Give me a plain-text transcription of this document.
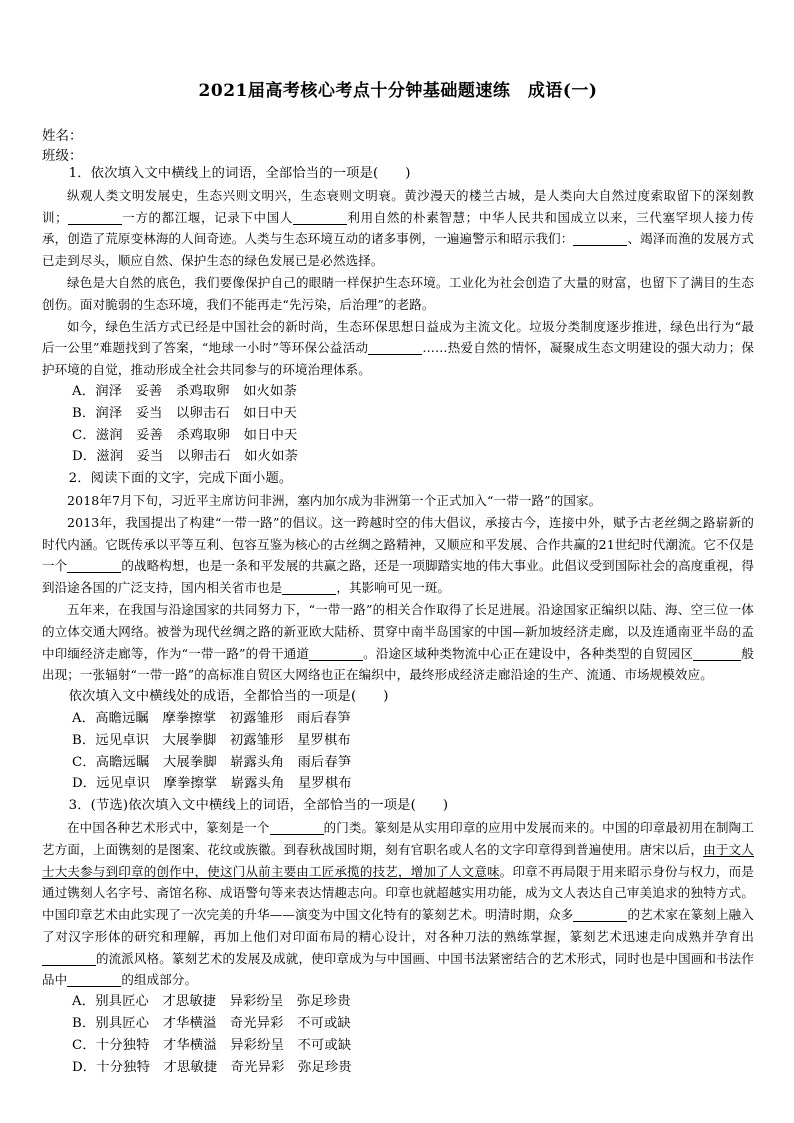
2021届高考核心考点十分钟基础题速练　成语(一)
姓名：
班级：

1．依次填入文中横线上的词语，全部恰当的一项是(　　)

纵观人类文明发展史，生态兴则文明兴，生态衰则文明衰。黄沙漫天的楼兰古城，是人类向大自然过度索取留下的深刻教训；	一方的都江堰，记录下中国人	利用自然的朴素智慧；中华人民共和国成立以来，三代塞罕坝人接力传承，创造了荒原变林海的人间奇迹。人类与生态环境互动的诸多事例，一遍遍警示和昭示我们：	、竭泽而渔的发展方式已走到尽头，顺应自然、保护生态的绿色发展已是必然选择。

绿色是大自然的底色，我们要像保护自己的眼睛一样保护生态环境。工业化为社会创造了大量的财富，也留下了满目的生态创伤。面对脆弱的生态环境，我们不能再走“先污染，后治理”的老路。

如今，绿色生活方式已经是中国社会的新时尚，生态环保思想日益成为主流文化。垃圾分类制度逐步推进，绿色出行为“最后一公里”难题找到了答案，“地球一小时”等环保公益活动	……热爱自然的情怀，凝聚成生态文明建设的强大动力；保护环境的自觉，推动形成全社会共同参与的环境治理体系。

A．润泽　妥善　杀鸡取卵　如火如荼

B．润泽　妥当　以卵击石　如日中天

C．滋润　妥善　杀鸡取卵　如日中天

D．滋润　妥当　以卵击石　如火如荼

2．阅读下面的文字，完成下面小题。

2018年7月下旬，习近平主席访问非洲，塞内加尔成为非洲第一个正式加入“一带一路”的国家。

2013年，我国提出了构建“一带一路”的倡议。这一跨越时空的伟大倡议，承接古今，连接中外，赋予古老丝绸之路崭新的时代内涵。它既传承以平等互利、包容互鉴为核心的古丝绸之路精神，又顺应和平发展、合作共赢的21世纪时代潮流。它不仅是一个	的战略构想，也是一条和平发展的共赢之路，还是一项脚踏实地的伟大事业。此倡议受到国际社会的高度重视，得到沿途各国的广泛支持，国内相关省市也是	，其影响可见一斑。

五年来，在我国与沿途国家的共同努力下，“一带一路”的相关合作取得了长足进展。沿途国家正编织以陆、海、空三位一体的立体交通大网络。被誉为现代丝绸之路的新亚欧大陆桥、贯穿中南半岛国家的中国—新加坡经济走廊，以及连通南亚半岛的孟中印缅经济走廊等，作为“一带一路”的骨干通道	。沿途区域种类物流中心正在建设中，各种类型的自贸园区	般出现；一张辐射“一带一路”的高标准自贸区大网络也正在编织中，最终形成经济走廊沿途的生产、流通、市场规模效应。

依次填入文中横线处的成语，全都恰当的一项是(　　)

A．高瞻远瞩　摩拳擦掌　初露雏形　雨后春笋

B．远见卓识　大展拳脚　初露雏形　星罗棋布

C．高瞻远瞩　大展拳脚　崭露头角　雨后春笋

D．远见卓识　摩拳擦掌　崭露头角　星罗棋布

3．(节选)依次填入文中横线上的词语，全部恰当的一项是(　　)

在中国各种艺术形式中，篆刻是一个	的门类。篆刻是从实用印章的应用中发展而来的。中国的印章最初用在制陶工艺方面，上面镌刻的是图案、花纹或族徽。到春秋战国时期，刻有官职名或人名的文字印章得到普遍使用。唐宋以后，由于文人士大夫参与到印章的创作中，使这门从前主要由工匠承揽的技艺，增加了人文意味。印章不再局限于用来昭示身份与权力，而是通过镌刻人名字号、斋馆名称、成语警句等来表达情趣志向。印章也就超越实用功能，成为文人表达自己审美追求的独特方式。中国印章艺术由此实现了一次完美的升华——演变为中国文化特有的篆刻艺术。明清时期，众多	的艺术家在篆刻上融入了对汉字形体的研究和理解，再加上他们对印面布局的精心设计，对各种刀法的熟练掌握，篆刻艺术迅速走向成熟并孕育出的流派风格。篆刻艺术的发展及成就，使印章成为与中国画、中国书法紧密结合的艺术形式，同时也是中国画和书法作品中	的组成部分。

A．别具匠心　才思敏捷　异彩纷呈　弥足珍贵

B．别具匠心　才华横溢　奇光异彩　不可或缺

C．十分独特　才华横溢　异彩纷呈　不可或缺

D．十分独特　才思敏捷　奇光异彩　弥足珍贵
